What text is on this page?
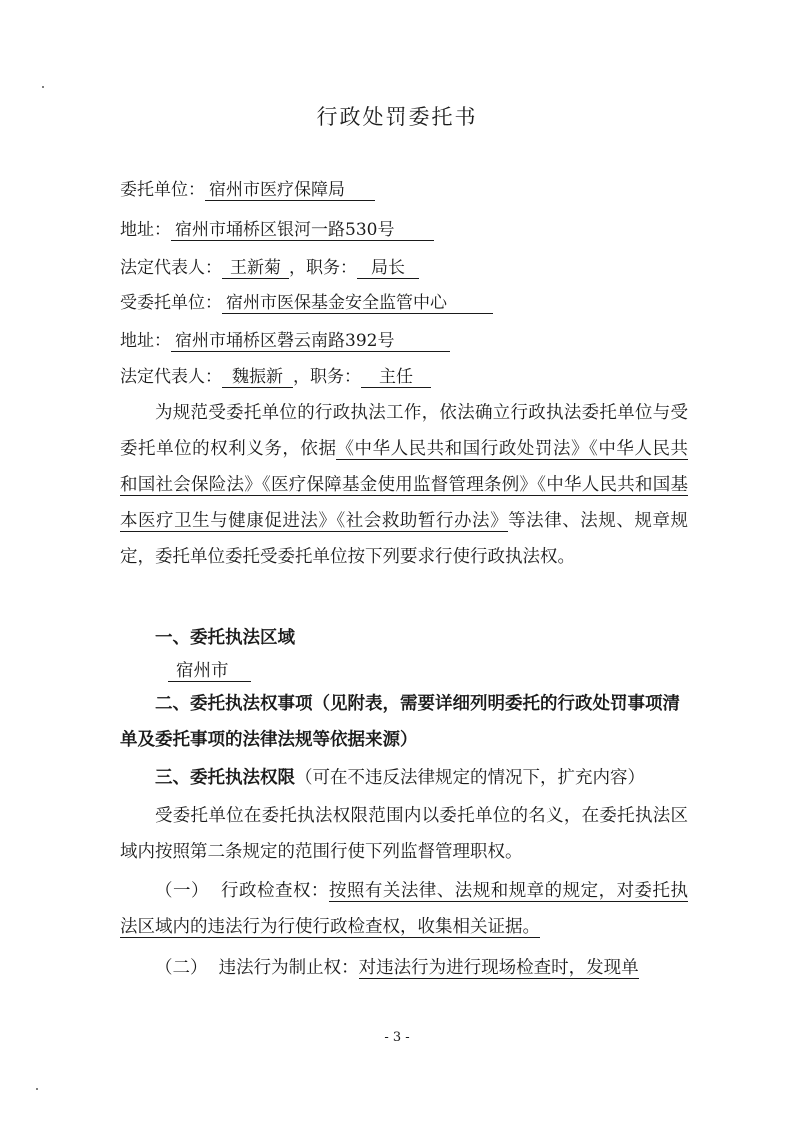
行政处罚委托书
委托单位： 宿州市医疗保障局
地址： 宿州市埇桥区银河一路530号
法定代表人： 王新菊 ，职务： 局长
受委托单位： 宿州市医保基金安全监管中心
地址： 宿州市埇桥区磬云南路392号
法定代表人： 魏振新 ，职务： 主任
为规范受委托单位的行政执法工作，依法确立行政执法委托单位与受委托单位的权利义务，依据《中华人民共和国行政处罚法》《中华人民共和国社会保险法》《医疗保障基金使用监督管理条例》《中华人民共和国基本医疗卫生与健康促进法》《社会救助暂行办法》等法律、法规、规章规定，委托单位委托受委托单位按下列要求行使行政执法权。
一、委托执法区域
宿州市
二、委托执法权事项（见附表，需要详细列明委托的行政处罚事项清单及委托事项的法律法规等依据来源）
三、委托执法权限（可在不违反法律规定的情况下，扩充内容）
受委托单位在委托执法权限范围内以委托单位的名义，在委托执法区域内按照第二条规定的范围行使下列监督管理职权。
（一） 行政检查权：按照有关法律、法规和规章的规定，对委托执法区域内的违法行为行使行政检查权，收集相关证据。
（二） 违法行为制止权：对违法行为进行现场检查时，发现单
- 3 -
